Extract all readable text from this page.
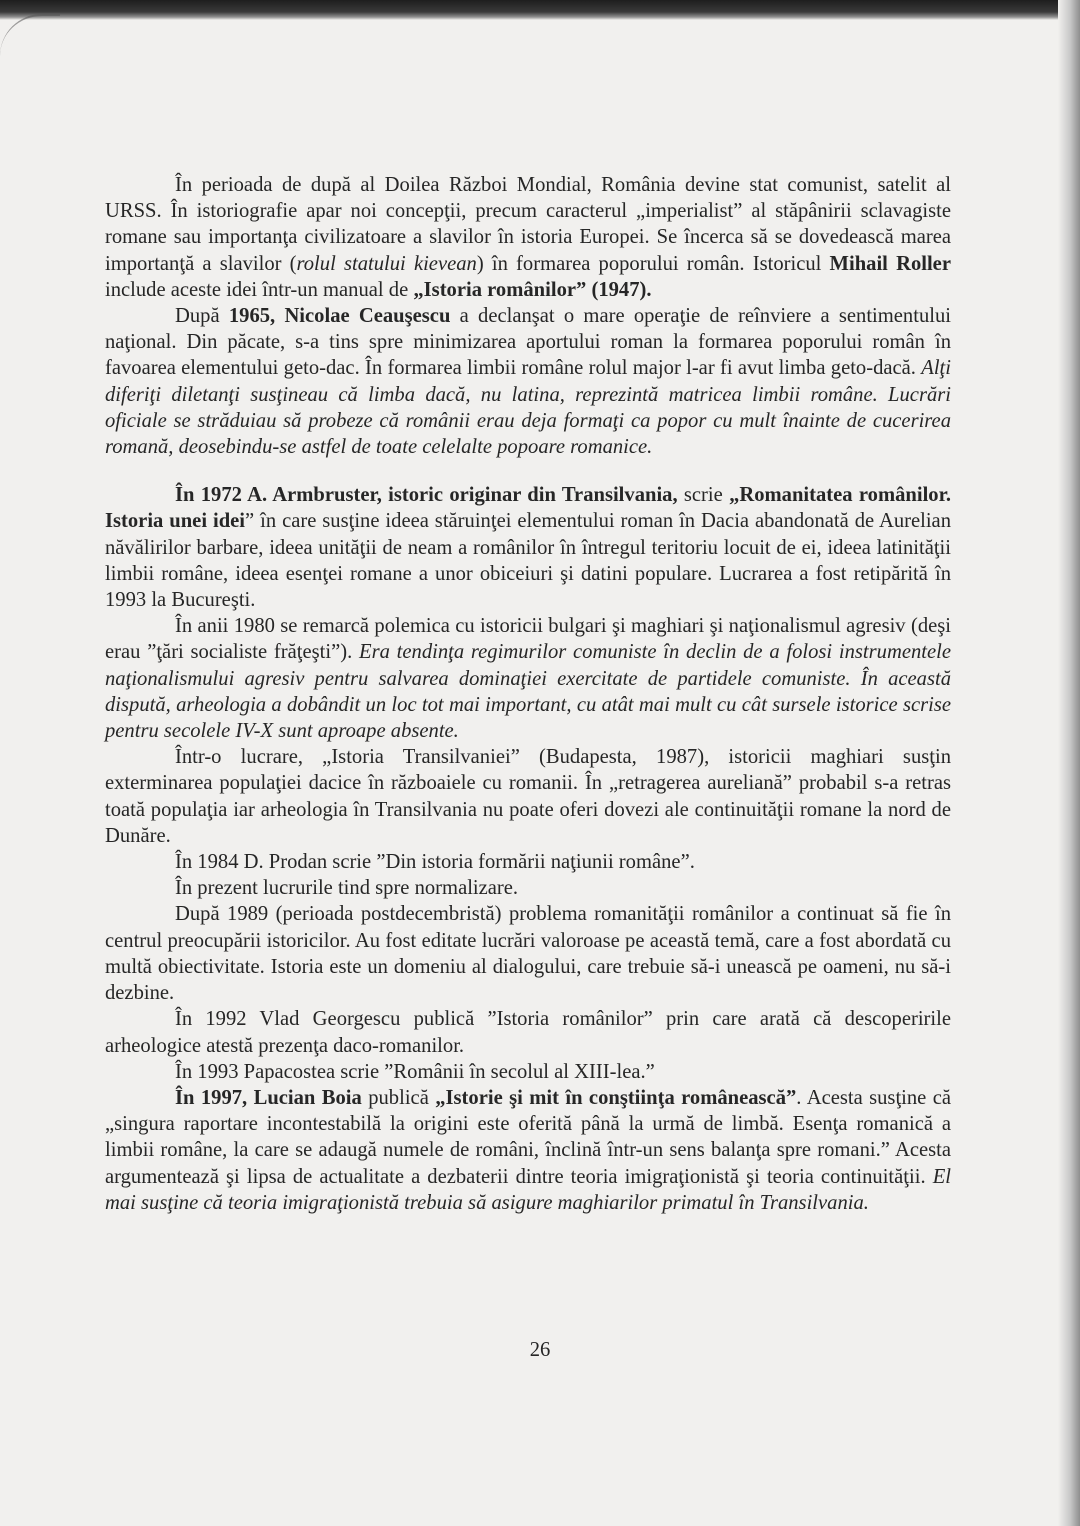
În perioada de după al Doilea Război Mondial, România devine stat comunist, satelit al URSS. În istoriografie apar noi concepţii, precum caracterul „imperialist” al stăpânirii sclavagiste romane sau importanţa civilizatoare a slavilor în istoria Europei. Se încerca să se dovedească marea importanţă a slavilor (rolul statului kievean) în formarea poporului român. Istoricul Mihail Roller include aceste idei într-un manual de „Istoria românilor” (1947).

După 1965, Nicolae Ceauşescu a declanşat o mare operaţie de reînviere a sentimentului naţional. Din păcate, s-a tins spre minimizarea aportului roman la formarea poporului român în favoarea elementului geto-dac. În formarea limbii române rolul major l-ar fi avut limba geto-dacă. Alţi diferiţi diletanţi susţineau că limba dacă, nu latina, reprezintă matricea limbii române. Lucrări oficiale se străduiau să probeze că românii erau deja formaţi ca popor cu mult înainte de cucerirea romană, deosebindu-se astfel de toate celelalte popoare romanice.

În 1972 A. Armbruster, istoric originar din Transilvania, scrie „Romanitatea românilor. Istoria unei idei” în care susţine ideea stăruinţei elementului roman în Dacia abandonată de Aurelian năvălirilor barbare, ideea unităţii de neam a românilor în întregul teritoriu locuit de ei, ideea latinităţii limbii române, ideea esenţei romane a unor obiceiuri şi datini populare. Lucrarea a fost retipărită în 1993 la Bucureşti.

În anii 1980 se remarcă polemica cu istoricii bulgari şi maghiari şi naţionalismul agresiv (deşi erau ”ţări socialiste frăţeşti”). Era tendinţa regimurilor comuniste în declin de a folosi instrumentele naţionalismului agresiv pentru salvarea dominaţiei exercitate de partidele comuniste. În această dispută, arheologia a dobândit un loc tot mai important, cu atât mai mult cu cât sursele istorice scrise pentru secolele IV-X sunt aproape absente.

Într-o lucrare, „Istoria Transilvaniei” (Budapesta, 1987), istoricii maghiari susţin exterminarea populaţiei dacice în războaiele cu romanii. În „retragerea aureliană” probabil s-a retras toată populaţia iar arheologia în Transilvania nu poate oferi dovezi ale continuităţii romane la nord de Dunăre.

În 1984 D. Prodan scrie ”Din istoria formării naţiunii române”.

În prezent lucrurile tind spre normalizare.

După 1989 (perioada postdecembristă) problema romanităţii românilor a continuat să fie în centrul preocupării istoricilor. Au fost editate lucrări valoroase pe această temă, care a fost abordată cu multă obiectivitate. Istoria este un domeniu al dialogului, care trebuie să-i unească pe oameni, nu să-i dezbine.

În 1992 Vlad Georgescu publică ”Istoria românilor” prin care arată că descoperirile arheologice atestă prezenţa daco-romanilor.

În 1993 Papacostea scrie ”Românii în secolul al XIII-lea.”

În 1997, Lucian Boia publică „Istorie şi mit în conştiinţa românească”. Acesta susţine că „singura raportare incontestabilă la origini este oferită până la urmă de limbă. Esenţa romanică a limbii române, la care se adaugă numele de români, înclină într-un sens balanţa spre romani.” Acesta argumentează şi lipsa de actualitate a dezbaterii dintre teoria imigraţionistă şi teoria continuităţii. El mai susţine că teoria imigraţionistă trebuia să asigure maghiarilor primatul în Transilvania.

26
